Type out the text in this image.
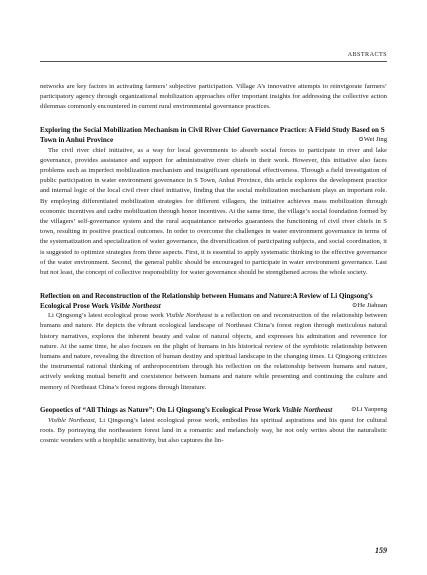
ABSTRACTS

networks are key factors in activating farmers’ subjective participation. Village A’s innovative attempts to reinvigorate farmers’ participatory agency through organizational mobilization approaches offer important insights for addressing the collective action dilemmas commonly encountered in current rural environmental governance practices.

Exploring the Social Mobilization Mechanism in Civil River Chief Governance Practice: A Field Study Based on S Town in Anhui Province	⊙Wei Jing

The civil river chief initiative, as a way for local governments to absorb social forces to participate in river and lake governance, provides assistance and support for administrative river chiefs in their work. However, this initiative also faces problems such as imperfect mobilization mechanism and insignificant operational effectiveness. Through a field investigation of public participation in water environment governance in S Town, Anhui Province, this article explores the development practice and internal logic of the local civil river chief initiative, finding that the social mobilization mechanism plays an important role. By employing differentiated mobilization strategies for different villagers, the initiative achieves mass mobilization through economic incentives and cadre mobilization through honor incentives. At the same time, the village’s social foundation formed by the villagers’ self-governance system and the rural acquaintance networks guarantees the functioning of civil river chiefs in S town, resulting in positive practical outcomes. In order to overcome the challenges in water environment governance in terms of the systematization and specialization of water governance, the diversification of participating subjects, and social coordination, it is suggested to optimize strategies from three aspects. First, it is essential to apply systematic thinking to the effective governance of the water environment. Second, the general public should be encouraged to participate in water environment governance. Last but not least, the concept of collective responsibility for water governance should be strengthened across the whole society.

Reflection on and Reconstruction of the Relationship between Humans and Nature:A Review of Li Qingsong’s Ecological Prose Work Visible Northeast	⊙He Jiahuan

Li Qingsong’s latest ecological prose work Visible Northeast is a reflection on and reconstruction of the relationship between humans and nature. He depicts the vibrant ecological landscape of Northeast China’s forest region through meticulous natural history narratives, explores the inherent beauty and value of natural objects, and expresses his admiration and reverence for nature. At the same time, he also focuses on the plight of humans in his historical review of the symbiotic relationship between humans and nature, revealing the direction of human destiny and spiritual landscape in the changing times. Li Qingsong criticizes the instrumental rational thinking of anthropocentrism through his reflection on the relationship between humans and nature, actively seeking mutual benefit and coexistence between humans and nature while presenting and continuing the culture and memory of Northeast China’s forest regions through literature.

Geopoetics of “All Things as Nature”: On Li Qingsong’s Ecological Prose Work Visible Northeast	⊙Li Yaopeng

Visible Northeast, Li Qingsong’s latest ecological prose work, embodies his spiritual aspirations and his quest for cultural roots. By portraying the northeastern forest land in a romantic and melancholy way, he not only writes about the naturalistic cosmic wonders with a biophilic sensitivity, but also captures the lin-

159
